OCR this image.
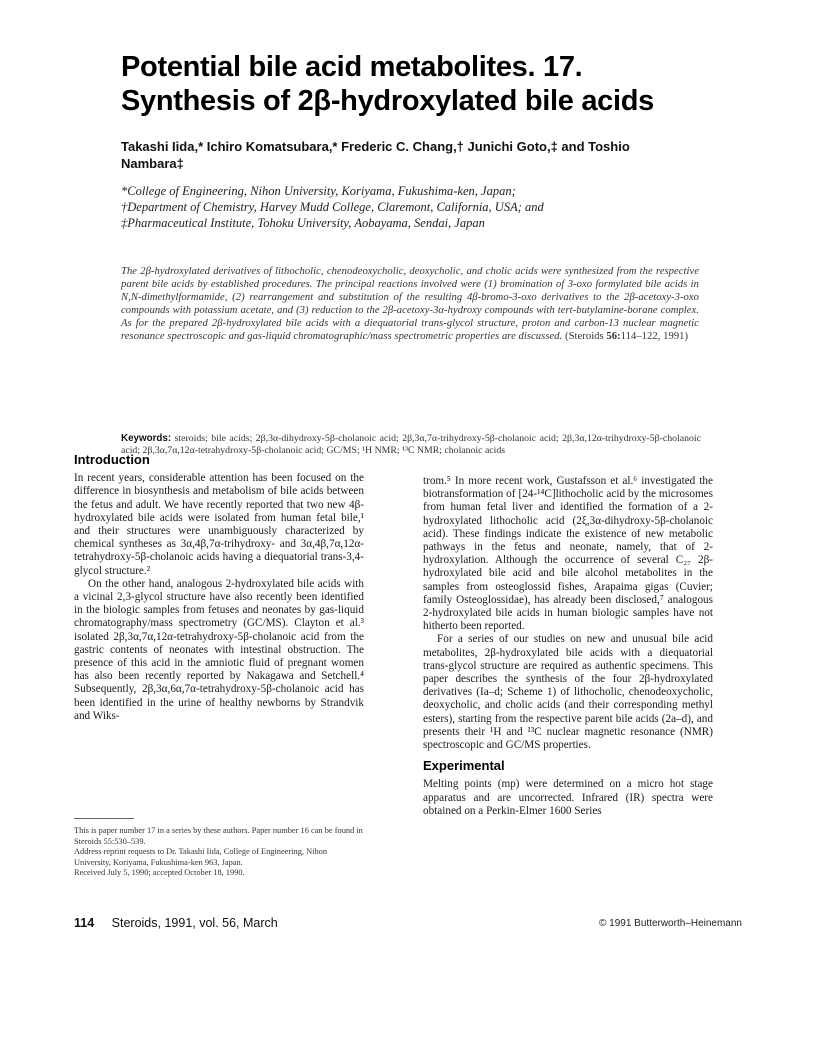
Potential bile acid metabolites. 17.
Synthesis of 2β-hydroxylated bile acids

Takashi Iida,* Ichiro Komatsubara,* Frederic C. Chang,† Junichi Goto,‡ and Toshio Nambara‡

*College of Engineering, Nihon University, Koriyama, Fukushima-ken, Japan;
†Department of Chemistry, Harvey Mudd College, Claremont, California, USA; and
‡Pharmaceutical Institute, Tohoku University, Aobayama, Sendai, Japan

The 2β-hydroxylated derivatives of lithocholic, chenodeoxycholic, deoxycholic, and cholic acids were synthesized from the respective parent bile acids by established procedures. The principal reactions involved were (1) bromination of 3-oxo formylated bile acids in N,N-dimethylformamide, (2) rearrangement and substitution of the resulting 4β-bromo-3-oxo derivatives to the 2β-acetoxy-3-oxo compounds with potassium acetate, and (3) reduction to the 2β-acetoxy-3α-hydroxy compounds with tert-butylamine-borane complex. As for the prepared 2β-hydroxylated bile acids with a diequatorial trans-glycol structure, proton and carbon-13 nuclear magnetic resonance spectroscopic and gas-liquid chromatographic/mass spectrometric properties are discussed. (Steroids 56:114–122, 1991)

Keywords: steroids; bile acids; 2β,3α-dihydroxy-5β-cholanoic acid; 2β,3α,7α-trihydroxy-5β-cholanoic acid; 2β,3α,12α-trihydroxy-5β-cholanoic acid; 2β,3α,7α,12α-tetrahydroxy-5β-cholanoic acid; GC/MS; ¹H NMR; ¹³C NMR; cholanoic acids

Introduction

In recent years, considerable attention has been focused on the difference in biosynthesis and metabolism of bile acids between the fetus and adult. We have recently reported that two new 4β-hydroxylated bile acids were isolated from human fetal bile,¹ and their structures were unambiguously characterized by chemical syntheses as 3α,4β,7α-trihydroxy- and 3α,4β,7α,12α-tetrahydroxy-5β-cholanoic acids having a diequatorial trans-3,4-glycol structure.²

On the other hand, analogous 2-hydroxylated bile acids with a vicinal 2,3-glycol structure have also recently been identified in the biologic samples from fetuses and neonates by gas-liquid chromatography/mass spectrometry (GC/MS). Clayton et al.³ isolated 2β,3α,7α,12α-tetrahydroxy-5β-cholanoic acid from the gastric contents of neonates with intestinal obstruction. The presence of this acid in the amniotic fluid of pregnant women has also been recently reported by Nakagawa and Setchell.⁴ Subsequently, 2β,3α,6α,7α-tetrahydroxy-5β-cholanoic acid has been identified in the urine of healthy newborns by Strandvik and Wiks-

trom.⁵ In more recent work, Gustafsson et al.⁶ investigated the biotransformation of [24-¹⁴C]lithocholic acid by the microsomes from human fetal liver and identified the formation of a 2-hydroxylated lithocholic acid (2ξ,3α-dihydroxy-5β-cholanoic acid). These findings indicate the existence of new metabolic pathways in the fetus and neonate, namely, that of 2-hydroxylation. Although the occurrence of several C₂₇ 2β-hydroxylated bile acid and bile alcohol metabolites in the samples from osteoglossid fishes, Arapaima gigas (Cuvier; family Osteoglossidae), has already been disclosed,⁷ analogous 2-hydroxylated bile acids in human biologic samples have not hitherto been reported.

For a series of our studies on new and unusual bile acid metabolites, 2β-hydroxylated bile acids with a diequatorial trans-glycol structure are required as authentic specimens. This paper describes the synthesis of the four 2β-hydroxylated derivatives (Ia–d; Scheme 1) of lithocholic, chenodeoxycholic, deoxycholic, and cholic acids (and their corresponding methyl esters), starting from the respective parent bile acids (2a–d), and presents their ¹H and ¹³C nuclear magnetic resonance (NMR) spectroscopic and GC/MS properties.

Experimental

Melting points (mp) were determined on a micro hot stage apparatus and are uncorrected. Infrared (IR) spectra were obtained on a Perkin-Elmer 1600 Series

This is paper number 17 in a series by these authors. Paper number 16 can be found in Steroids 55:530–539.

Address reprint requests to Dr. Takashi Iida, College of Engineering, Nihon University, Koriyama, Fukushima-ken 963, Japan.

Received July 5, 1990; accepted October 18, 1990.

114 Steroids, 1991, vol. 56, March	© 1991 Butterworth–Heinemann
